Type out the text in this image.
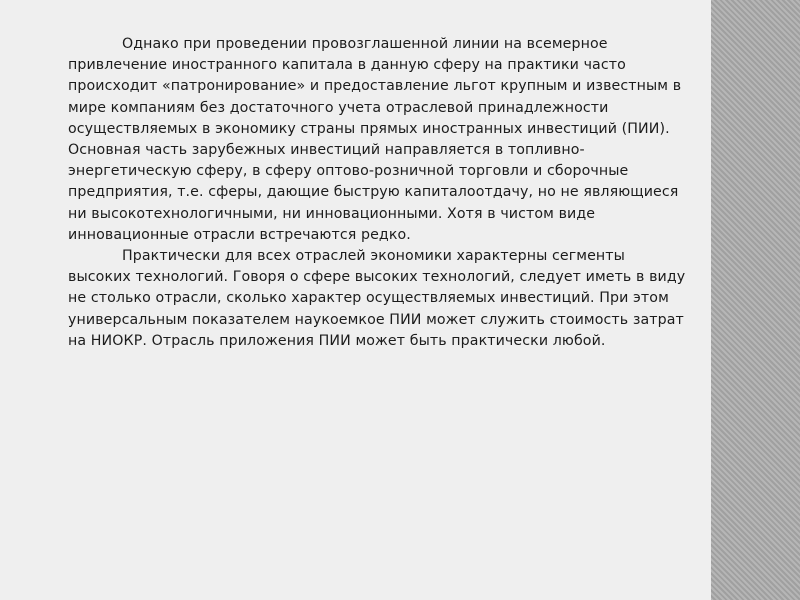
Однако при проведении провозглашенной линии на всемерное привлечение иностранного капитала в данную сферу на практики часто происходит «патронирование» и предоставление льгот крупным и известным в мире компаниям без достаточного учета отраслевой принадлежности осуществляемых в экономику страны прямых иностранных инвестиций (ПИИ). Основная часть зарубежных инвестиций направляется в топливно-энергетическую сферу, в сферу оптово-розничной торговли и сборочные предприятия, т.е. сферы, дающие быструю капиталоотдачу, но не являющиеся ни высокотехнологичными, ни инновационными. Хотя в чистом виде инновационные отрасли встречаются редко.

Практически для всех отраслей экономики характерны сегменты высоких технологий. Говоря о сфере высоких технологий, следует иметь в виду не столько отрасли, сколько характер осуществляемых инвестиций. При этом универсальным показателем наукоемкое ПИИ может служить стоимость затрат на НИОКР. Отрасль приложения ПИИ может быть практически любой.
